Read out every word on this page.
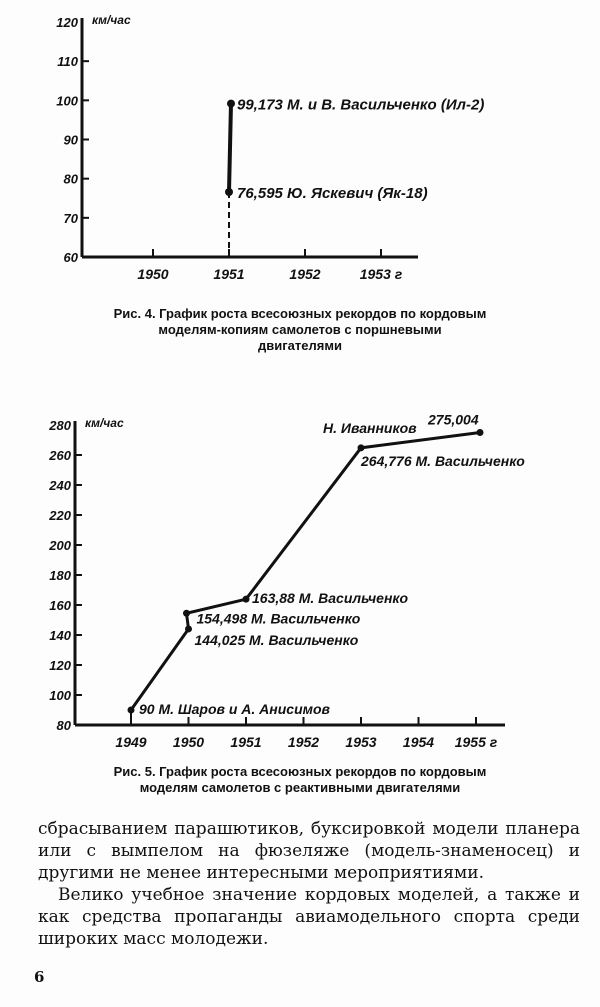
60
70
80
90
100
110
120 км/час
1950	1951	1952	1953 г
76,595 Ю. Яскевич (Як-18)
99,173 М. и В. Васильченко (Ил-2)
80
100
120
140
160
180
200
220
240
260
280 км/час
1949 1950 1951 1952 1953 1954 1955 г
90 М. Шаров и А. Анисимов
144,025 М. Васильченко
154,498 М. Васильченко
163,88 М. Васильченко
264,776 М. Васильченко
275,004
Н. Иванников
Рис. 4. График роста всесоюзных рекордов по кордовым
моделям-копиям самолетов с поршневыми
двигателями
Рис. 5. График роста всесоюзных рекордов по кордовым
моделям самолетов с реактивными двигателями

сбрасыванием парашютиков, буксировкой модели планера или с вымпелом на фюзеляже (модель-знаменосец) и другими не менее интересными мероприятиями.

Велико учебное значение кордовых моделей, а также и как средства пропаганды авиамодельного спорта среди широких масс молодежи.

6
